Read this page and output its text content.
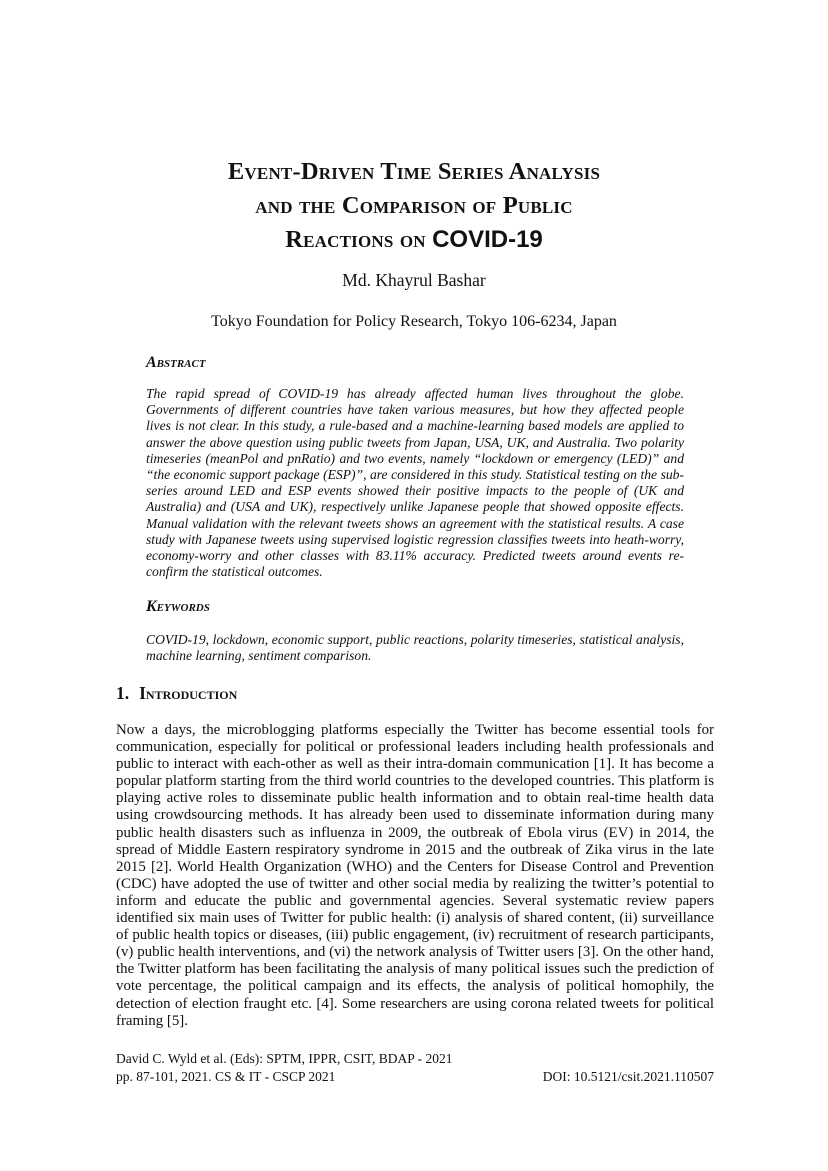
Event-Driven Time Series Analysis
and the Comparison of Public
Reactions on COVID-19
Md. Khayrul Bashar
Tokyo Foundation for Policy Research, Tokyo 106-6234, Japan
Abstract

The rapid spread of COVID-19 has already affected human lives throughout the globe. Governments of different countries have taken various measures, but how they affected people lives is not clear. In this study, a rule-based and a machine-learning based models are applied to answer the above question using public tweets from Japan, USA, UK, and Australia. Two polarity timeseries (meanPol and pnRatio) and two events, namely “lockdown or emergency (LED)” and “the economic support package (ESP)”, are considered in this study. Statistical testing on the sub-series around LED and ESP events showed their positive impacts to the people of (UK and Australia) and (USA and UK), respectively unlike Japanese people that showed opposite effects. Manual validation with the relevant tweets shows an agreement with the statistical results. A case study with Japanese tweets using supervised logistic regression classifies tweets into heath-worry, economy-worry and other classes with 83.11% accuracy. Predicted tweets around events re-confirm the statistical outcomes.

Keywords

COVID-19, lockdown, economic support, public reactions, polarity timeseries, statistical analysis, machine learning, sentiment comparison.

1. Introduction

Now a days, the microblogging platforms especially the Twitter has become essential tools for communication, especially for political or professional leaders including health professionals and public to interact with each-other as well as their intra-domain communication [1]. It has become a popular platform starting from the third world countries to the developed countries. This platform is playing active roles to disseminate public health information and to obtain real-time health data using crowdsourcing methods. It has already been used to disseminate information during many public health disasters such as influenza in 2009, the outbreak of Ebola virus (EV) in 2014, the spread of Middle Eastern respiratory syndrome in 2015 and the outbreak of Zika virus in the late 2015 [2]. World Health Organization (WHO) and the Centers for Disease Control and Prevention (CDC) have adopted the use of twitter and other social media by realizing the twitter’s potential to inform and educate the public and governmental agencies. Several systematic review papers identified six main uses of Twitter for public health: (i) analysis of shared content, (ii) surveillance of public health topics or diseases, (iii) public engagement, (iv) recruitment of research participants, (v) public health interventions, and (vi) the network analysis of Twitter users [3]. On the other hand, the Twitter platform has been facilitating the analysis of many political issues such the prediction of vote percentage, the political campaign and its effects, the analysis of political homophily, the detection of election fraught etc. [4]. Some researchers are using corona related tweets for political framing [5].

David C. Wyld et al. (Eds): SPTM, IPPR, CSIT, BDAP - 2021
pp. 87-101, 2021. CS & IT - CSCP 2021	DOI: 10.5121/csit.2021.110507
